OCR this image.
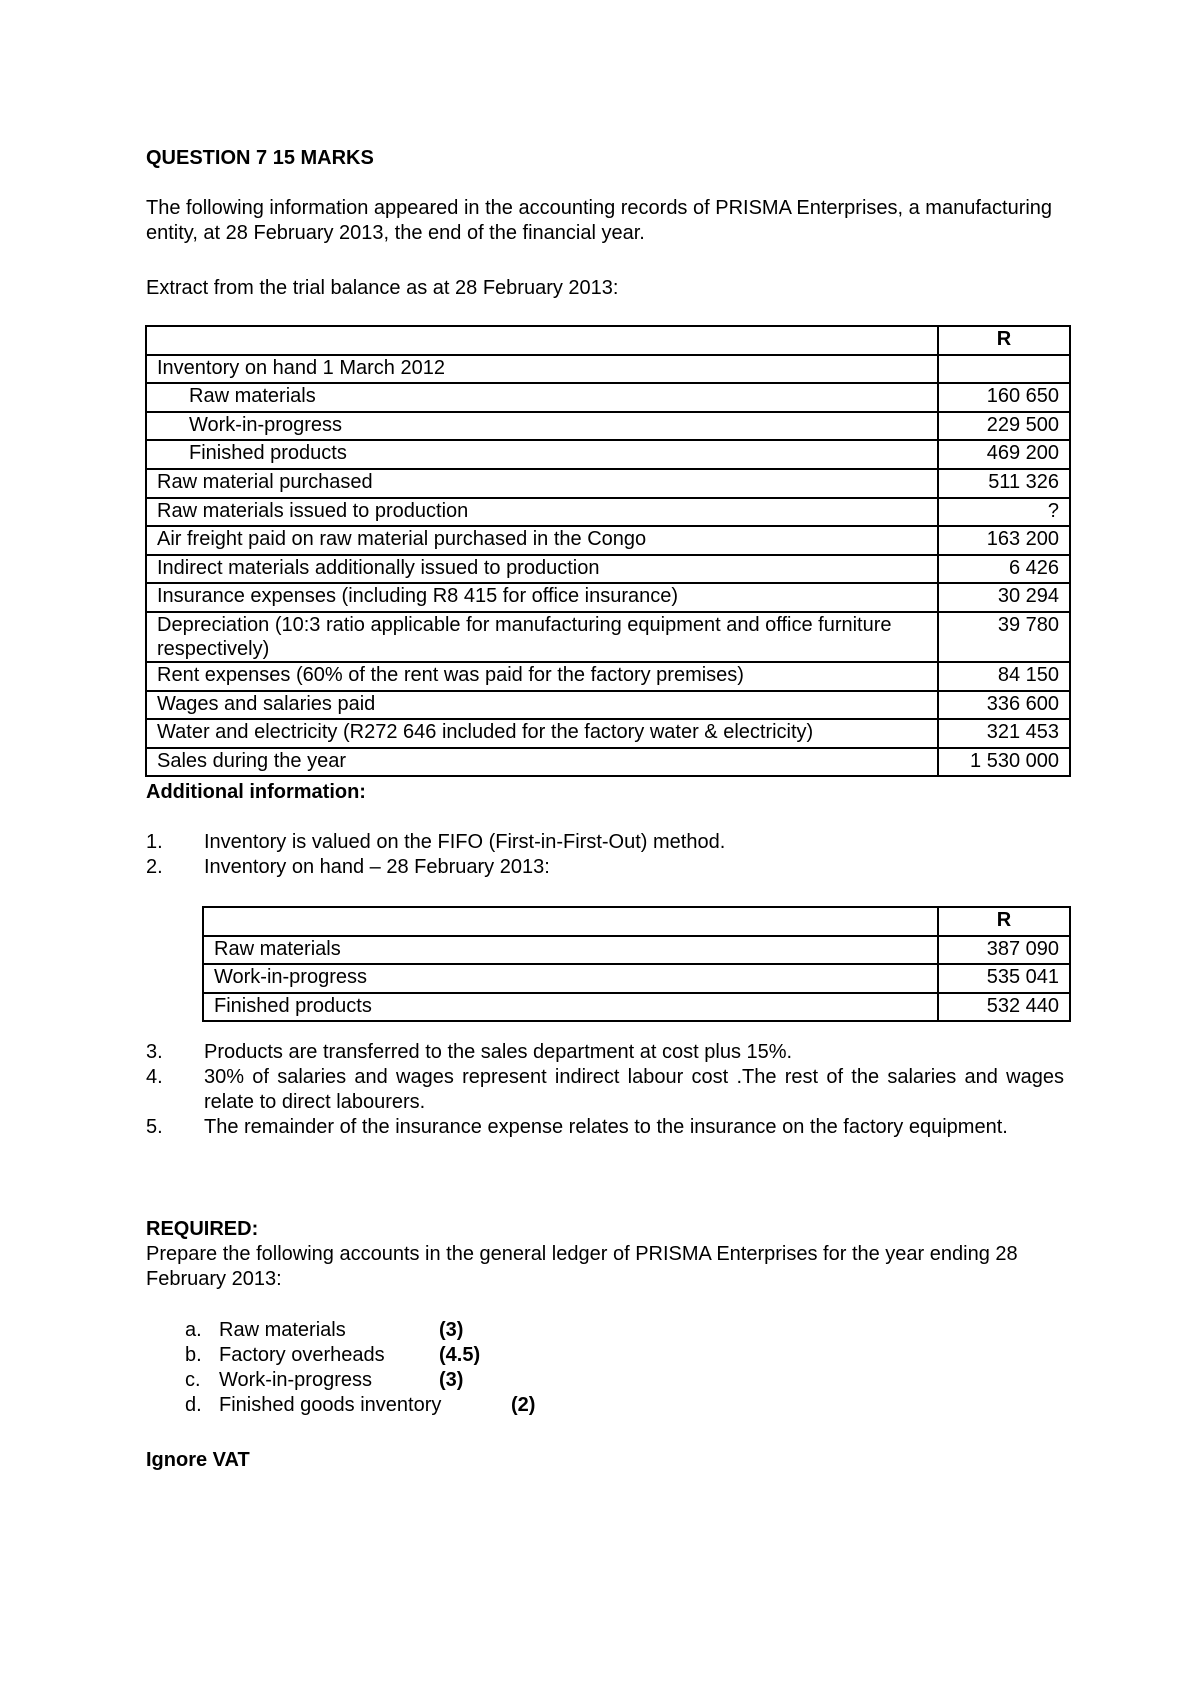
QUESTION 7 15 MARKS

The following information appeared in the accounting records of PRISMA Enterprises, a manufacturing entity, at 28 February 2013, the end of the financial year.

Extract from the trial balance as at 28 February 2013:

	R
Inventory on hand 1 March 2012	
Raw materials	160 650
Work-in-progress	229 500
Finished products	469 200
Raw material purchased	511 326
Raw materials issued to production	?
Air freight paid on raw material purchased in the Congo	163 200
Indirect materials additionally issued to production	6 426
Insurance expenses (including R8 415 for office insurance)	30 294
Depreciation (10:3 ratio applicable for manufacturing equipment and office furniture respectively)	39 780
Rent expenses (60% of the rent was paid for the factory premises)	84 150
Wages and salaries paid	336 600
Water and electricity (R272 646 included for the factory water & electricity)	321 453
Sales during the year	1 530 000

Additional information:

1. Inventory is valued on the FIFO (First-in-First-Out) method.
2. Inventory on hand – 28 February 2013:
	R
Raw materials	387 090
Work-in-progress	535 041
Finished products	532 440
3. Products are transferred to the sales department at cost plus 15%.
4. 30% of salaries and wages represent indirect labour cost .The rest of the salaries and wages relate to direct labourers.
5. The remainder of the insurance expense relates to the insurance on the factory equipment.

REQUIRED:

Prepare the following accounts in the general ledger of PRISMA Enterprises for the year ending 28 February 2013:

a. Raw materials	(3)
b. Factory overheads	(4.5)
c. Work-in-progress	(3)
d. Finished goods inventory	(2)

Ignore VAT
